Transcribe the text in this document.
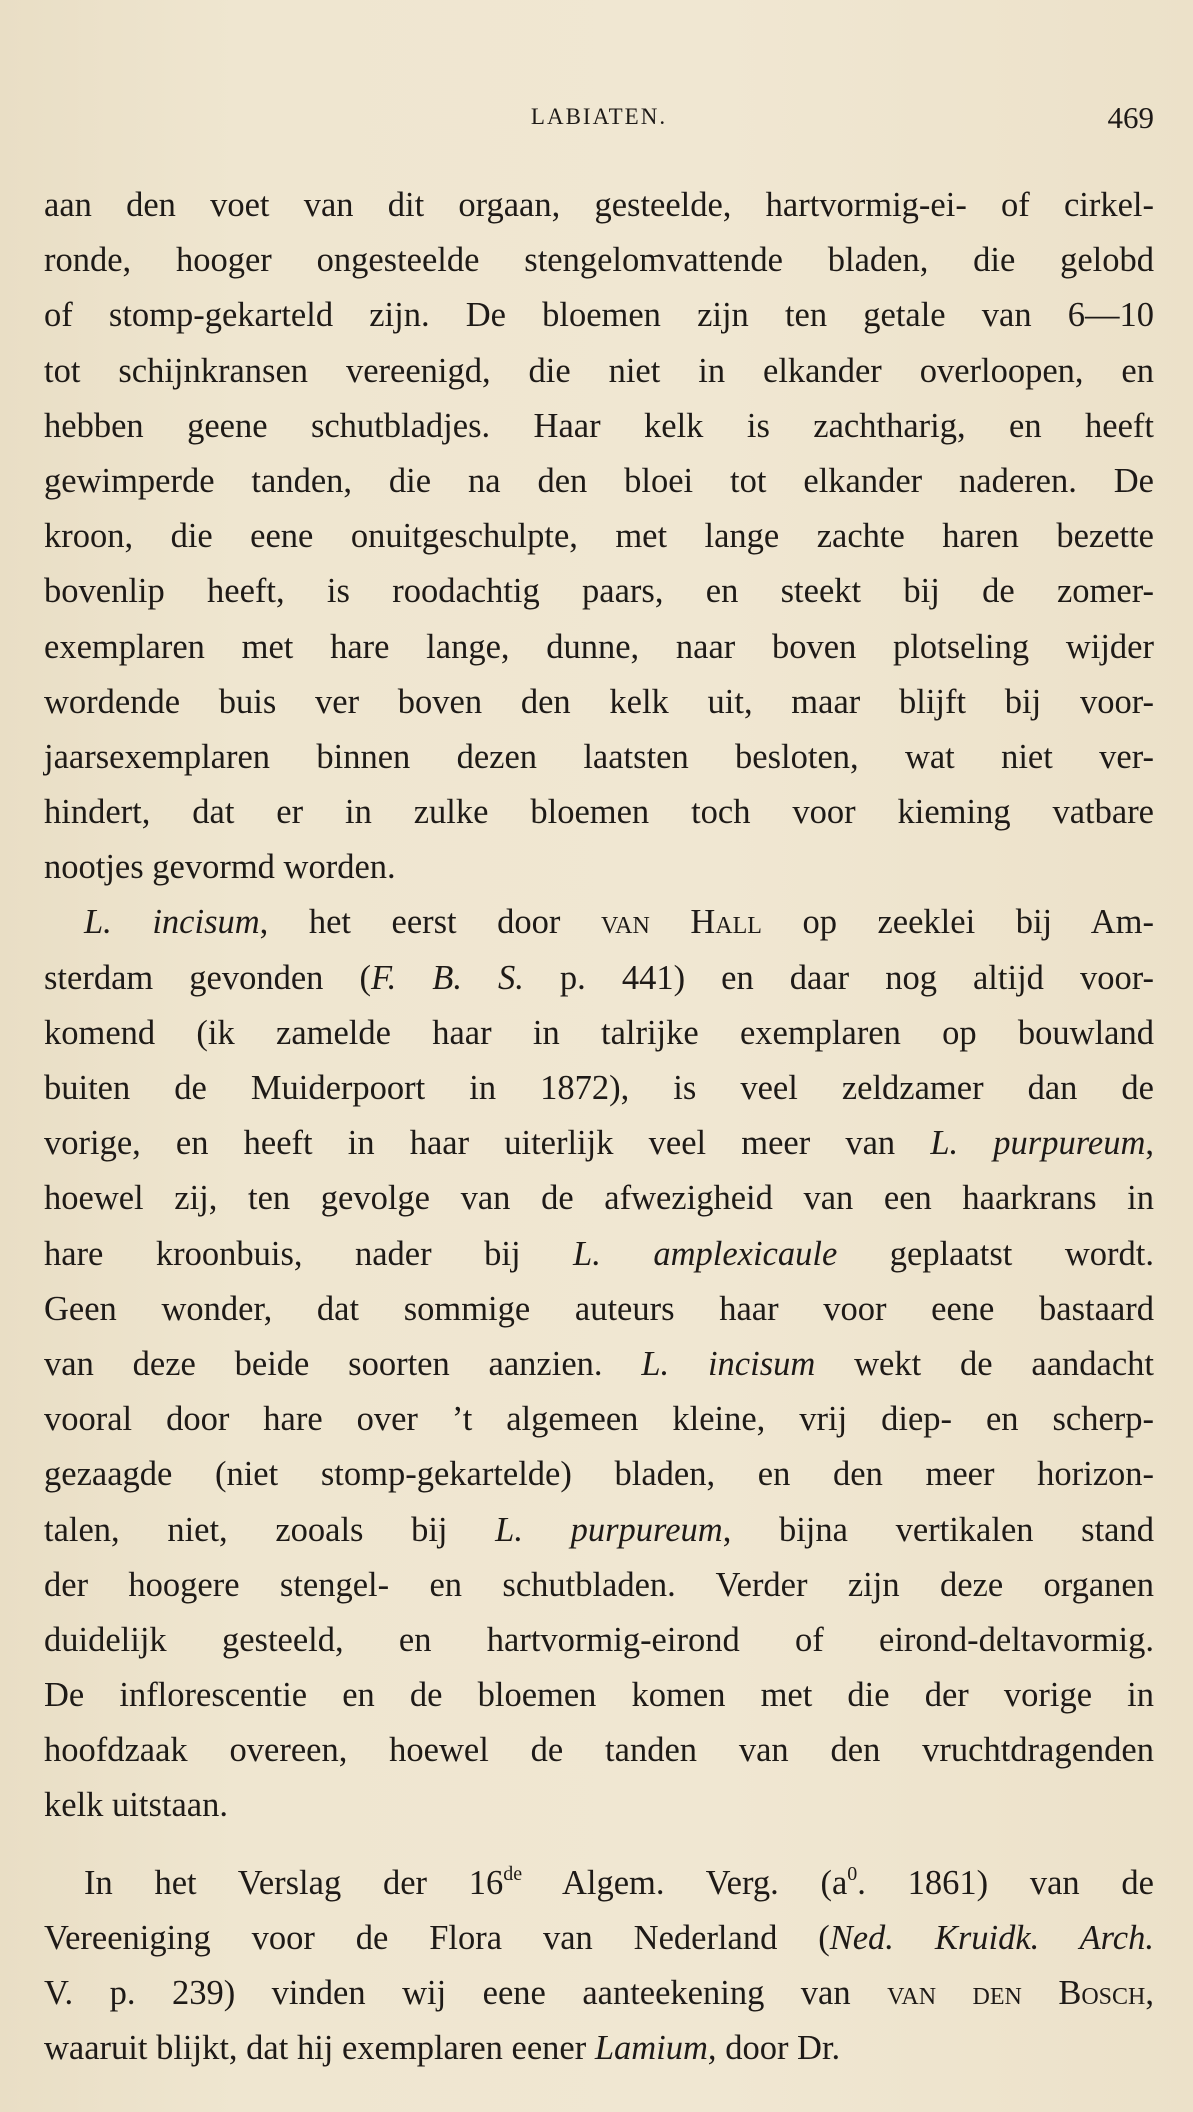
LABIATEN.	469
aan den voet van dit orgaan, gesteelde, hartvormig-ei- of cirkel-
ronde, hooger ongesteelde stengelomvattende bladen, die gelobd
of stomp-gekarteld zijn. De bloemen zijn ten getale van 6—10
tot schijnkransen vereenigd, die niet in elkander overloopen, en
hebben geene schutbladjes. Haar kelk is zachtharig, en heeft
gewimperde tanden, die na den bloei tot elkander naderen. De
kroon, die eene onuitgeschulpte, met lange zachte haren bezette
bovenlip heeft, is roodachtig paars, en steekt bij de zomer-
exemplaren met hare lange, dunne, naar boven plotseling wijder
wordende buis ver boven den kelk uit, maar blijft bij voor-
jaarsexemplaren binnen dezen laatsten besloten, wat niet ver-
hindert, dat er in zulke bloemen toch voor kieming vatbare
nootjes gevormd worden.
L. incisum, het eerst door van Hall op zeeklei bij Am-
sterdam gevonden (F. B. S. p. 441) en daar nog altijd voor-
komend (ik zamelde haar in talrijke exemplaren op bouwland
buiten de Muiderpoort in 1872), is veel zeldzamer dan de
vorige, en heeft in haar uiterlijk veel meer van L. purpureum,
hoewel zij, ten gevolge van de afwezigheid van een haarkrans in
hare kroonbuis, nader bij L. amplexicaule geplaatst wordt.
Geen wonder, dat sommige auteurs haar voor eene bastaard
van deze beide soorten aanzien. L. incisum wekt de aandacht
vooral door hare over ’t algemeen kleine, vrij diep- en scherp-
gezaagde (niet stomp-gekartelde) bladen, en den meer horizon-
talen, niet, zooals bij L. purpureum, bijna vertikalen stand
der hoogere stengel- en schutbladen. Verder zijn deze organen
duidelijk gesteeld, en hartvormig-eirond of eirond-deltavormig.
De inflorescentie en de bloemen komen met die der vorige in
hoofdzaak overeen, hoewel de tanden van den vruchtdragenden
kelk uitstaan.
In het Verslag der 16de Algem. Verg. ($a^0$. 1861) van de
Vereeniging voor de Flora van Nederland (Ned. Kruidk. Arch.
V. p. 239) vinden wij eene aanteekening van van den Bosch,
waaruit blijkt, dat hij exemplaren eener Lamium, door Dr.
